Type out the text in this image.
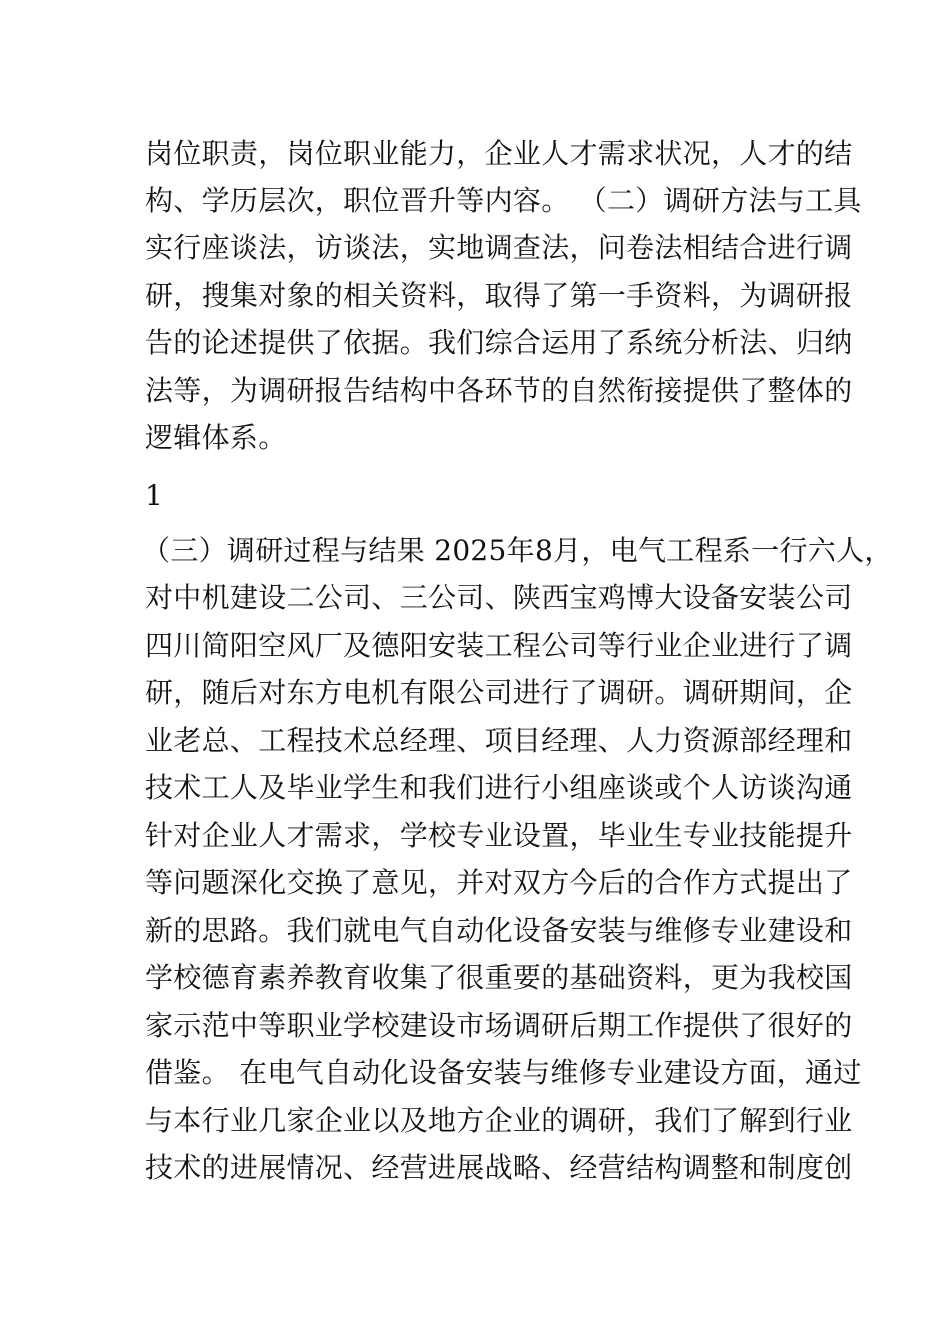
岗位职责，岗位职业能力，企业人才需求状况，人才的结
构、学历层次，职位晋升等内容。 （二）调研方法与工具
实行座谈法，访谈法，实地调查法，问卷法相结合进行调
研，搜集对象的相关资料，取得了第一手资料，为调研报
告的论述提供了依据。我们综合运用了系统分析法、归纳
法等，为调研报告结构中各环节的自然衔接提供了整体的
逻辑体系。
1
（三）调研过程与结果 2025年8月，电气工程系一行六人，
对中机建设二公司、三公司、陕西宝鸡博大设备安装公司
四川简阳空风厂及德阳安装工程公司等行业企业进行了调
研，随后对东方电机有限公司进行了调研。调研期间，企
业老总、工程技术总经理、项目经理、人力资源部经理和
技术工人及毕业学生和我们进行小组座谈或个人访谈沟通
针对企业人才需求，学校专业设置，毕业生专业技能提升
等问题深化交换了意见，并对双方今后的合作方式提出了
新的思路。我们就电气自动化设备安装与维修专业建设和
学校德育素养教育收集了很重要的基础资料，更为我校国
家示范中等职业学校建设市场调研后期工作提供了很好的
借鉴。 在电气自动化设备安装与维修专业建设方面，通过
与本行业几家企业以及地方企业的调研，我们了解到行业
技术的进展情况、经营进展战略、经营结构调整和制度创
